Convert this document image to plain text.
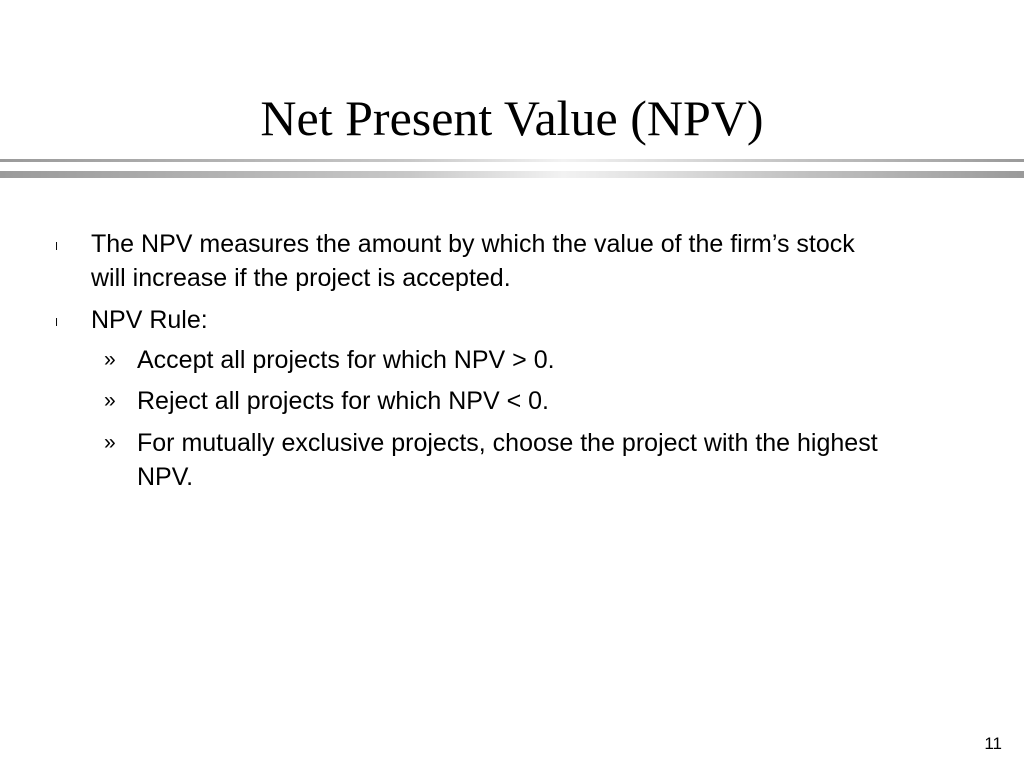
Net Present Value (NPV)
l The NPV measures the amount by which the value of the firm’s stock
will increase if the project is accepted.
l NPV Rule:
» Accept all projects for which NPV > 0.
» Reject all projects for which NPV < 0.
» For mutually exclusive projects, choose the project with the highest
NPV.
11
